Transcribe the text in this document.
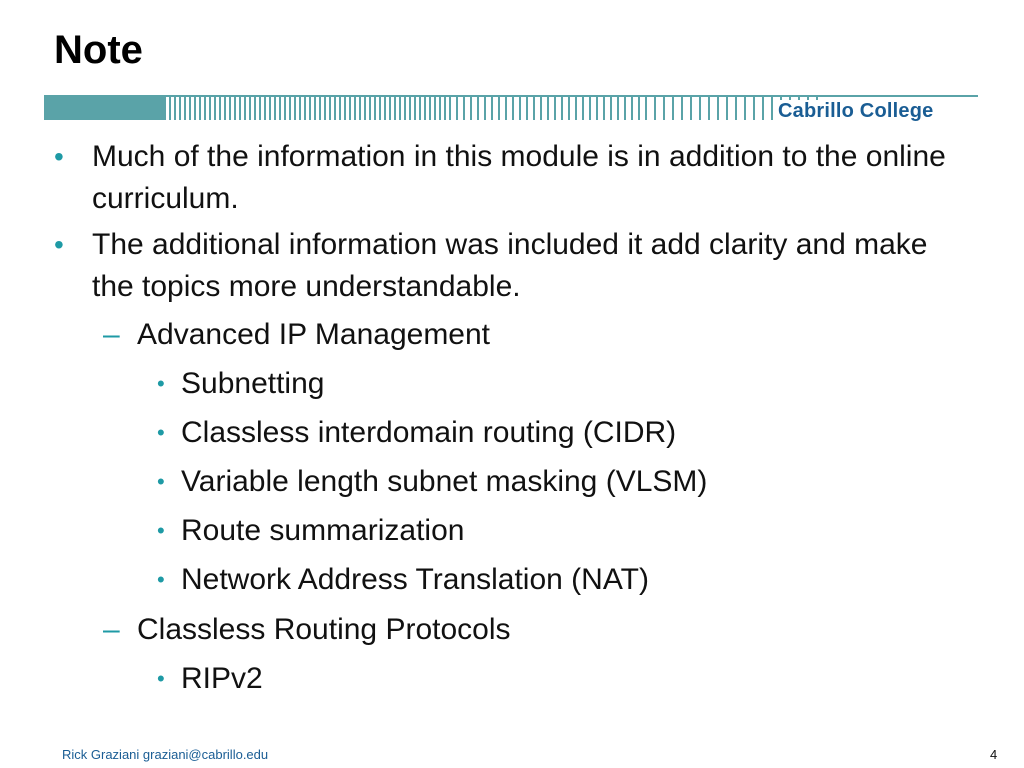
Note
Cabrillo College
• Much of the information in this module is in addition to the online curriculum.
• The additional information was included it add clarity and make the topics more understandable.
– Advanced IP Management
• Subnetting
• Classless interdomain routing (CIDR)
• Variable length subnet masking (VLSM)
• Route summarization
• Network Address Translation (NAT)
– Classless Routing Protocols
• RIPv2
Rick Graziani graziani@cabrillo.edu	4
